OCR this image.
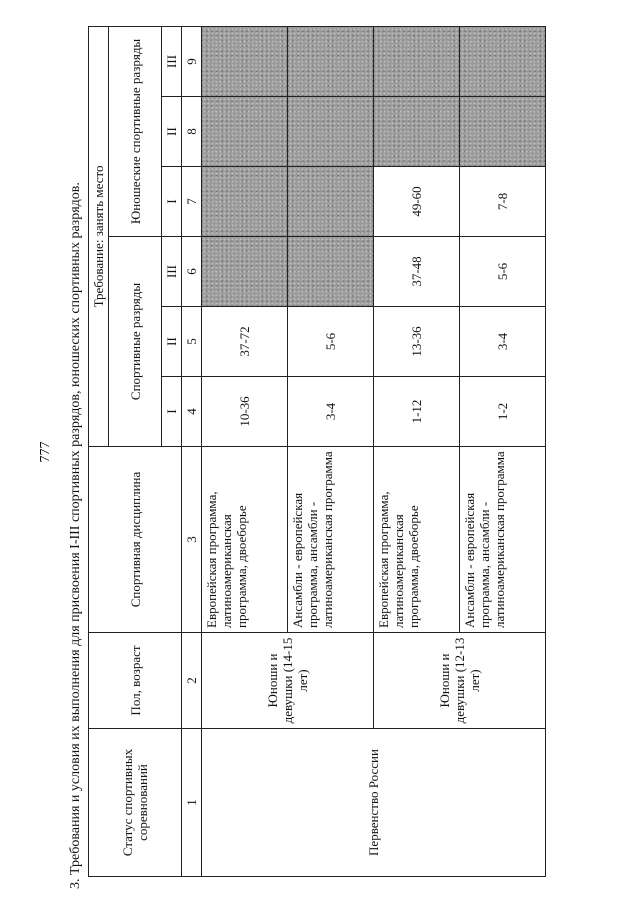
777	3. Требования и условия их выполнения для присвоения I-III спортивных разрядов, юношеских спортивных разрядов.	Статус спортивных соревнований	Пол, возраст	Спортивная дисциплина	Требование: занять место					
			Спортивные разряды			Юношеские спортивные разряды		
			I	II	III	I	II	III
1	2	3	4	5	6	7	8	9
Первенство России	Юноши и девушки (14-15 лет)	Европейская программа, латиноамериканская программа, двоеборье	10-36	37-72				
		Ансамбли - европейская программа, ансамбли - латиноамериканская программа	3-4	5-6				
	Юноши и девушки (12-13 лет)	Европейская программа, латиноамериканская программа, двоеборье	1-12	13-36	37-48	49-60		
		Ансамбли - европейская программа, ансамбли - латиноамериканская программа	1-2	3-4	5-6	7-8		
